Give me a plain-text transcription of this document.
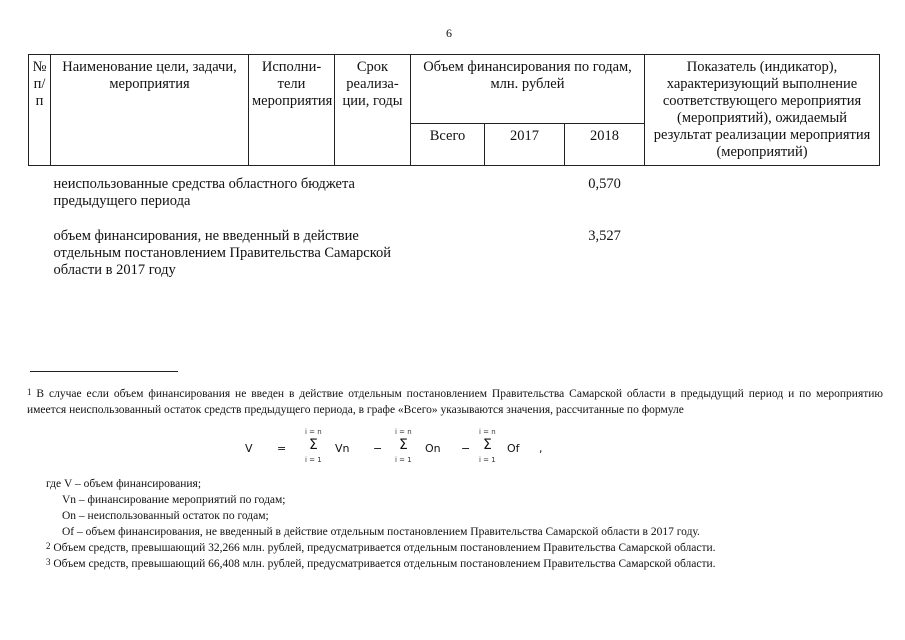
6
№ п/п	Наименование цели, задачи, мероприятия	Исполни-тели мероприятия	Срок реализа-ции, годы	Объем финансирования по годам, млн. рублей			Показатель (индикатор), характеризующий выполнение соответствующего мероприятия (мероприятий), ожидаемый результат реализации мероприятия (мероприятий)
				Всего	2017	2018	
	неиспользованные средства областного бюджета предыдущего периода					0,570	
	объем финансирования, не введенный в действие отдельным постановлением Правительства Самарской области в 2017 году					3,527	
$^1$ В случае если объем финансирования не введен в действие отдельным постановлением Правительства Самарской области в предыдущий период и по мероприятию имеется неиспользованный остаток средств предыдущего периода, в графе «Всего» указываются значения, рассчитанные по формуле
V =
i = n
Σ
i = 1
Vn −
i = n
Σ
i = 1
On −
i = n
Σ
i = 1
Of ,
где V – объем финансирования;
Vn – финансирование мероприятий по годам;
On – неиспользованный остаток по годам;
Of – объем финансирования, не введенный в действие отдельным постановлением Правительства Самарской области в 2017 году.
$^2$ Объем средств, превышающий 32,266 млн. рублей, предусматривается отдельным постановлением Правительства Самарской области.
$^3$ Объем средств, превышающий 66,408 млн. рублей, предусматривается отдельным постановлением Правительства Самарской области.
